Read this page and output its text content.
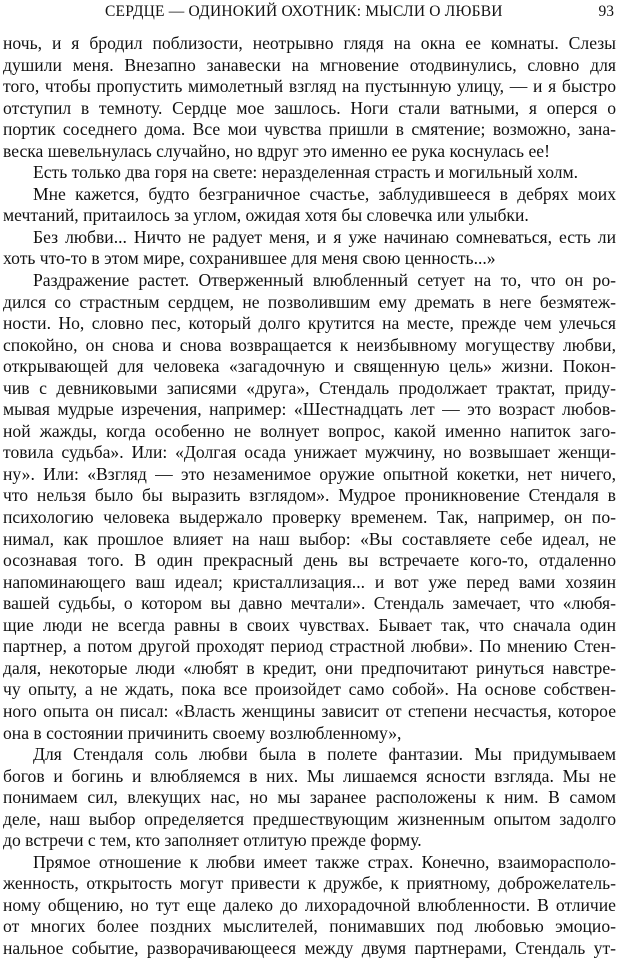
СЕРДЦЕ — ОДИНОКИЙ ОХОТНИК: МЫСЛИ О ЛЮБВИ	93
ночь, и я бродил поблизости, неотрывно глядя на окна ее комнаты. Слезы
душили меня. Внезапно занавески на мгновение отодвинулись, словно для
того, чтобы пропустить мимолетный взгляд на пустынную улицу, — и я быстро
отступил в темноту. Сердце мое зашлось. Ноги стали ватными, я оперся о
портик соседнего дома. Все мои чувства пришли в смятение; возможно, зана-
веска шевельнулась случайно, но вдруг это именно ее рука коснулась ее!
Есть только два горя на свете: неразделенная страсть и могильный холм.
Мне кажется, будто безграничное счастье, заблудившееся в дебрях моих
мечтаний, притаилось за углом, ожидая хотя бы словечка или улыбки.
Без любви... Ничто не радует меня, и я уже начинаю сомневаться, есть ли
хоть что-то в этом мире, сохранившее для меня свою ценность...»
Раздражение растет. Отверженный влюбленный сетует на то, что он ро-
дился со страстным сердцем, не позволившим ему дремать в неге безмятеж-
ности. Но, словно пес, который долго крутится на месте, прежде чем улечься
спокойно, он снова и снова возвращается к неизбывному могуществу любви,
открывающей для человека «загадочную и священную цель» жизни. Покон-
чив с девниковыми записями «друга», Стендаль продолжает трактат, приду-
мывая мудрые изречения, например: «Шестнадцать лет — это возраст любов-
ной жажды, когда особенно не волнует вопрос, какой именно напиток заго-
товила судьба». Или: «Долгая осада унижает мужчину, но возвышает женщи-
ну». Или: «Взгляд — это незаменимое оружие опытной кокетки, нет ничего,
что нельзя было бы выразить взглядом». Мудрое проникновение Стендаля в
психологию человека выдержало проверку временем. Так, например, он по-
нимал, как прошлое влияет на наш выбор: «Вы составляете себе идеал, не
осознавая того. В один прекрасный день вы встречаете кого-то, отдаленно
напоминающего ваш идеал; кристаллизация... и вот уже перед вами хозяин
вашей судьбы, о котором вы давно мечтали». Стендаль замечает, что «любя-
щие люди не всегда равны в своих чувствах. Бывает так, что сначала один
партнер, а потом другой проходят период страстной любви». По мнению Стен-
даля, некоторые люди «любят в кредит, они предпочитают ринуться навстре-
чу опыту, а не ждать, пока все произойдет само собой». На основе собствен-
ного опыта он писал: «Власть женщины зависит от степени несчастья, которое
она в состоянии причинить своему возлюбленному»,
Для Стендаля соль любви была в полете фантазии. Мы придумываем
богов и богинь и влюбляемся в них. Мы лишаемся ясности взгляда. Мы не
понимаем сил, влекущих нас, но мы заранее расположены к ним. В самом
деле, наш выбор определяется предшествующим жизненным опытом задолго
до встречи с тем, кто заполняет отлитую прежде форму.
Прямое отношение к любви имеет также страх. Конечно, взаиморасполо-
женность, открытость могут привести к дружбе, к приятному, доброжелатель-
ному общению, но тут еще далеко до лихорадочной влюбленности. В отличие
от многих более поздних мыслителей, понимавших под любовью эмоцио-
нальное событие, разворачивающееся между двумя партнерами, Стендаль ут-
